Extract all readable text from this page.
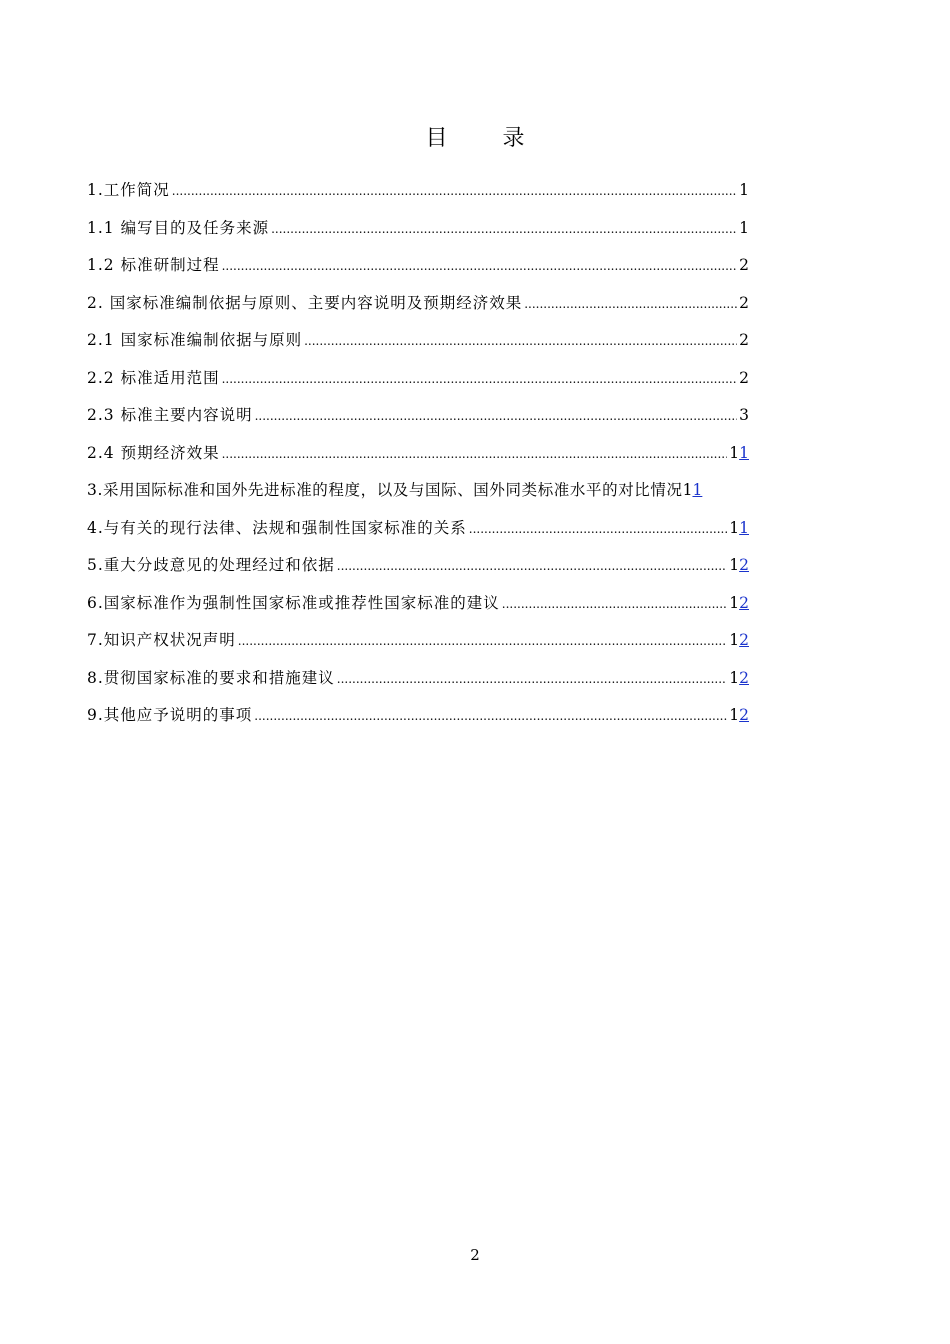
目 录
1.工作简况 .....	1
1.1 编写目的及任务来源 .....	1
1.2 标准研制过程 .....	2
2. 国家标准编制依据与原则、主要内容说明及预期经济效果 .....	2
2.1 国家标准编制依据与原则 .....	2
2.2 标准适用范围 .....	2
2.3 标准主要内容说明 .....	3
2.4 预期经济效果 .....	11
3.采用国际标准和国外先进标准的程度，以及与国际、国外同类标准水平的对比情况 11
4.与有关的现行法律、法规和强制性国家标准的关系 .....	11
5.重大分歧意见的处理经过和依据 .....	12
6.国家标准作为强制性国家标准或推荐性国家标准的建议 .....	12
7.知识产权状况声明 .....	12
8.贯彻国家标准的要求和措施建议 .....	12
9.其他应予说明的事项 .....	12
2
